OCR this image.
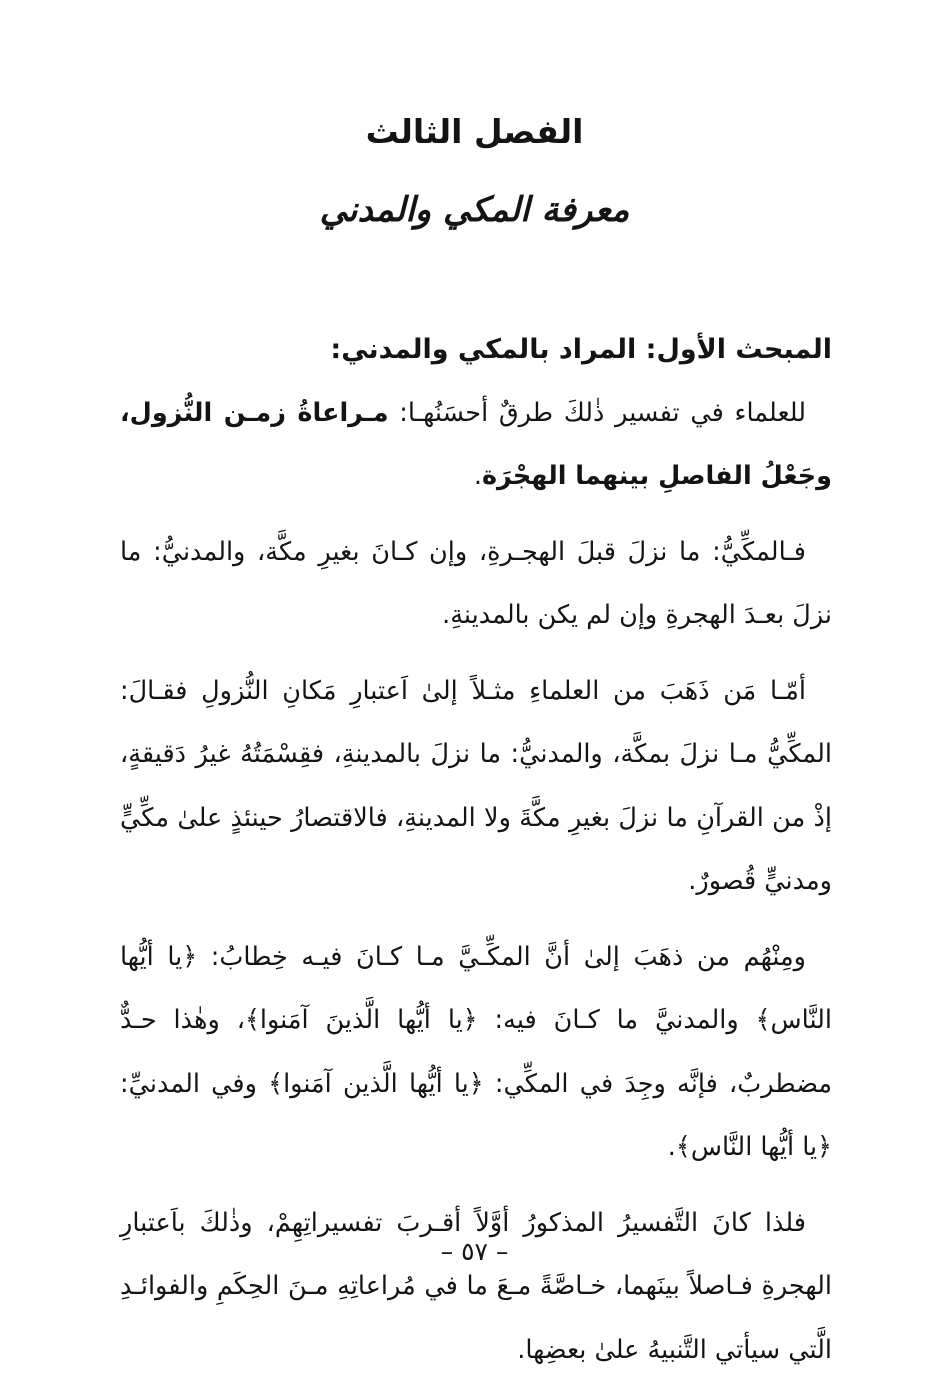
الفصل الثالث
معرفة المكي والمدني
المبحث الأول: المراد بالمكي والمدني:

للعلماء في تفسير ذٰلكَ طرقٌ أحسَنُهـا: مـراعاةُ زمـن النُّزول، وجَعْلُ الفاصلِ بينهما الهجْرَة.

فـالمكِّيُّ: ما نزلَ قبلَ الهجـرةِ، وإن كـانَ بغيرِ مكَّة، والمدنيُّ: ما نزلَ بعـدَ الهجرةِ وإن لم يكن بالمدينةِ.

أمّـا مَن ذَهَبَ من العلماءِ مثـلاً إلىٰ اَعتبارِ مَكانِ النُّزولِ فقـالَ: المكِّيُّ مـا نزلَ بمكَّة، والمدنيُّ: ما نزلَ بالمدينةِ، فقِسْمَتُهُ غيرُ دَقيقةٍ، إذْ من القرآنِ ما نزلَ بغيرِ مكَّةَ ولا المدينةِ، فالاقتصارُ حينئذٍ علىٰ مكِّيٍّ ومدنيٍّ قُصورٌ.

ومِنْهُم من ذهَبَ إلىٰ أنَّ المكِّـيَّ مـا كـانَ فيـه خِطابُ: ﴿يا أيُّها النَّاس﴾ والمدنيَّ ما كـانَ فيه: ﴿يا أيُّها الَّذينَ آمَنوا﴾، وهٰذا حـدٌّ مضطربٌ، فإنَّه وجِدَ في المكِّي: ﴿يا أيُّها الَّذين آمَنوا﴾ وفي المدنيِّ: ﴿يا أيُّها النَّاس﴾.

فلذا كانَ التَّفسيرُ المذكورُ أوَّلاً أقـربَ تفسيراتِهِمْ، وذٰلكَ باَعتبارِ الهجرةِ فـاصلاً بينَهما، خـاصَّةً مـعَ ما في مُراعاتِهِ مـنَ الحِكَمِ والفوائـدِ الَّتي سيأتي التَّنبيهُ علىٰ بعضِها.

– ٥٧ –
